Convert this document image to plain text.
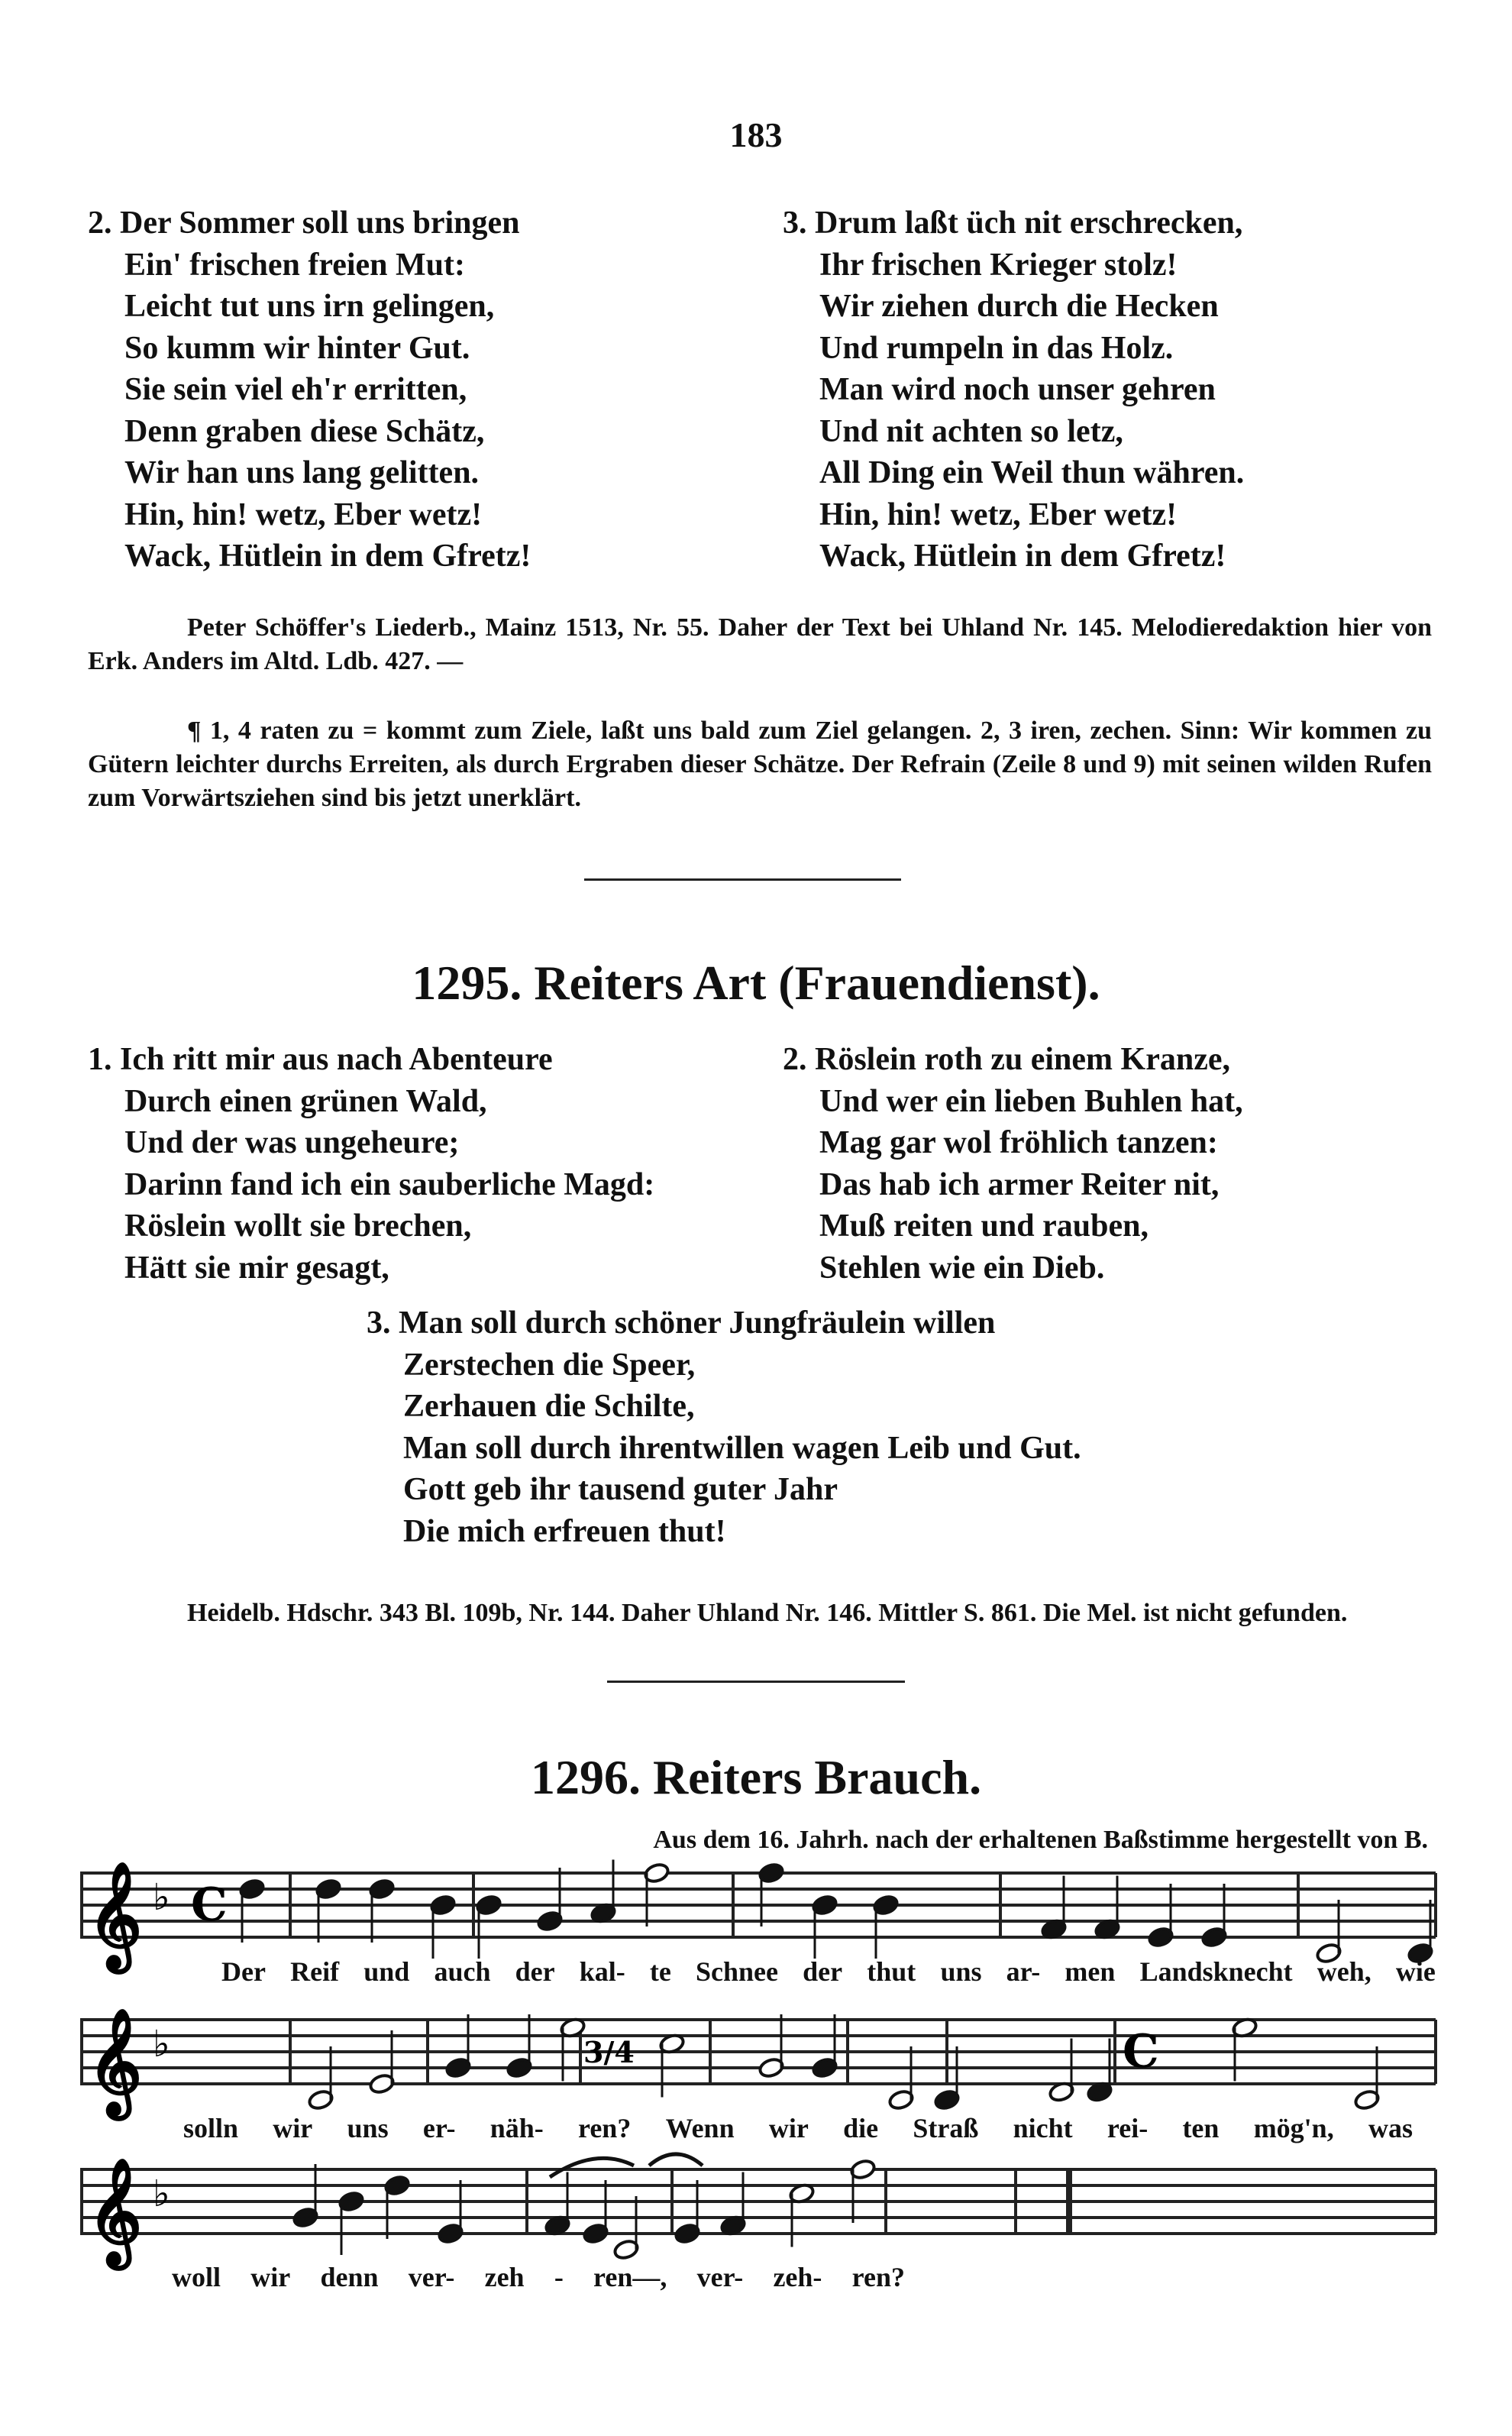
183
2. Der Sommer soll uns bringen
Ein' frischen freien Mut:
Leicht tut uns irn gelingen,
So kumm wir hinter Gut.
Sie sein viel eh'r erritten,
Denn graben diese Schätz,
Wir han uns lang gelitten.
Hin, hin! wetz, Eber wetz!
Wack, Hütlein in dem Gfretz!
3. Drum laßt üch nit erschrecken,
Ihr frischen Krieger stolz!
Wir ziehen durch die Hecken
Und rumpeln in das Holz.
Man wird noch unser gehren
Und nit achten so letz,
All Ding ein Weil thun währen.
Hin, hin! wetz, Eber wetz!
Wack, Hütlein in dem Gfretz!
Peter Schöffer's Liederb., Mainz 1513, Nr. 55. Daher der Text bei Uhland Nr. 145. Melodieredaktion hier von Erk. Anders im Altd. Ldb. 427. —
¶ 1, 4 raten zu = kommt zum Ziele, laßt uns bald zum Ziel gelangen. 2, 3 iren, zechen. Sinn: Wir kommen zu Gütern leichter durchs Erreiten, als durch Ergraben dieser Schätze. Der Refrain (Zeile 8 und 9) mit seinen wilden Rufen zum Vorwärtsziehen sind bis jetzt unerklärt.
1295. Reiters Art (Frauendienst).
1. Ich ritt mir aus nach Abenteure
Durch einen grünen Wald,
Und der was ungeheure;
Darinn fand ich ein sauberliche Magd:
Röslein wollt sie brechen,
Hätt sie mir gesagt,
2. Röslein roth zu einem Kranze,
Und wer ein lieben Buhlen hat,
Mag gar wol fröhlich tanzen:
Das hab ich armer Reiter nit,
Muß reiten und rauben,
Stehlen wie ein Dieb.
3. Man soll durch schöner Jungfräulein willen
Zerstechen die Speer,
Zerhauen die Schilte,
Man soll durch ihrentwillen wagen Leib und Gut.
Gott geb ihr tausend guter Jahr
Die mich erfreuen thut!
Heidelb. Hdschr. 343 Bl. 109b, Nr. 144. Daher Uhland Nr. 146. Mittler S. 861. Die Mel. ist nicht gefunden.
1296. Reiters Brauch.
Aus dem 16. Jahrh. nach der erhaltenen Baßstimme hergestellt von B.
𝄞 ♭
𝄞 ♭
𝄞 ♭
C
3/4	C
Der Reif und auch der kal- te Schnee der thut uns ar- men Landsknecht weh, wie
solln wir uns er- näh- ren? Wenn wir die Straß nicht rei- ten mög'n, was
woll wir denn ver- zeh - ren—, ver- zeh- ren?
